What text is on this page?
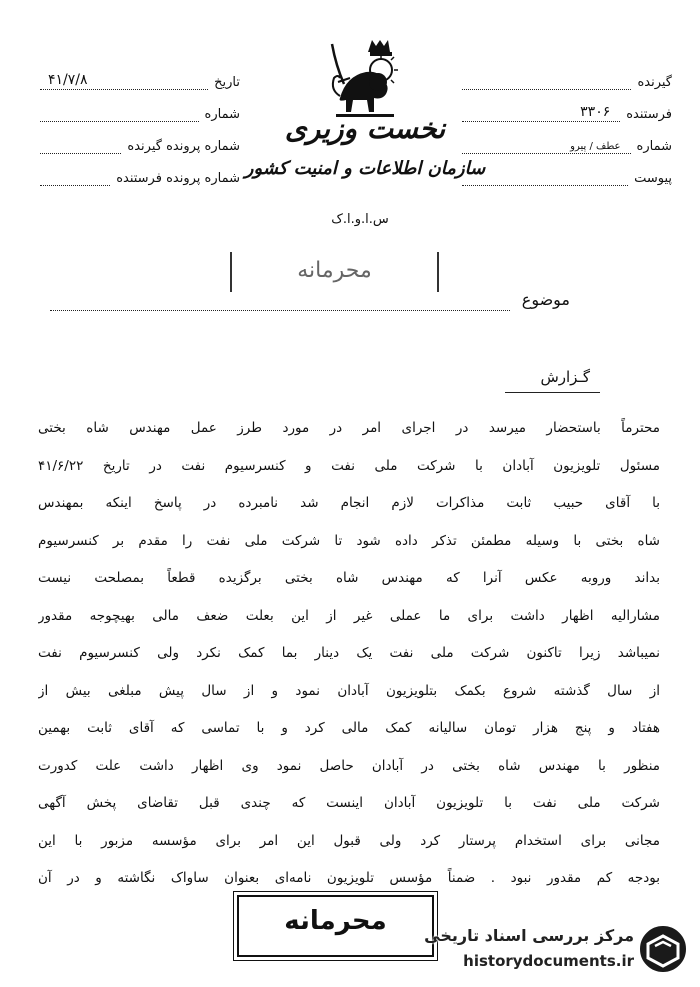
تاریخ
۴۱/۷/۸
شماره
شماره پرونده گیرنده
شماره پرونده فرستنده
گیرنده
فرستنده
۳۳۰۶
شماره
عطف / پیرو
پیوست
نخست وزیری
سازمان اطلاعات و امنیت کشور
س.ا.و.ا.ک
محرمانه
موضوع
گـزارش

محترماً باستحضار میرسد در اجرای امر در مورد طرز عمل مهندس شاه بختی

مسئول تلویزیون آبادان با شرکت ملی نفت و کنسرسیوم نفت در تاریخ ۴۱/۶/۲۲

با آقای حبیب ثابت مذاکرات لازم انجام شد نامبرده در پاسخ اینکه بمهندس

شاه بختی با وسیله مطمئن تذکر داده شود تا شرکت ملی نفت را مقدم بر کنسرسیوم

بداند وروبه عکس آنرا که مهندس شاه بختی برگزیده قطعاً بمصلحت نیست

مشارالیه اظهار داشت برای ما عملی غیر از این بعلت ضعف مالی بهیچوجه مقدور

نمیباشد زیرا تاکنون شرکت ملی نفت یک دینار بما کمک نکرد ولی کنسرسیوم نفت

از سال گذشته شروع بکمک بتلویزیون آبادان نمود و از سال پیش مبلغی بیش از

هفتاد و پنج هزار تومان سالیانه کمک مالی کرد و با تماسی که آقای ثابت بهمین

منظور با مهندس شاه بختی در آبادان حاصل نمود وی اظهار داشت علت کدورت

شرکت ملی نفت با تلویزیون آبادان اینست که چندی قبل تقاضای پخش آگهی

مجانی برای استخدام پرستار کرد ولی قبول این امر برای مؤسسه مزبور با این

بودجه کم مقدور نبود . ضمناً مؤسس تلویزیون نامه‌ای بعنوان ساواک نگاشته و در آن

محرمانه	مرکز بررسی اسناد تاریخی
historydocuments.ir
